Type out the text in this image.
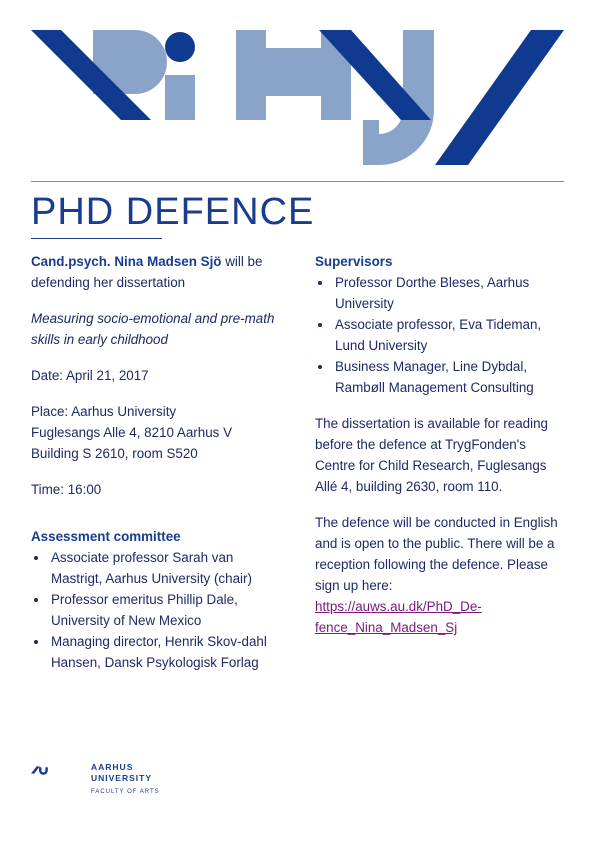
PHD DEFENCE

Cand.psych. Nina Madsen Sjö will be defending her dissertation

Measuring socio-emotional and pre-math skills in early childhood

Date: April 21, 2017

Place: Aarhus University

Fuglesangs Alle 4, 8210 Aarhus V

Building S 2610, room S520

Time: 16:00

Assessment committee
Associate professor Sarah van Mastrigt, Aarhus University (chair)
Professor emeritus Phillip Dale, University of New Mexico
Managing director, Henrik Skov-dahl Hansen, Dansk Psykologisk Forlag
Supervisors
Professor Dorthe Bleses, Aarhus University
Associate professor, Eva Tideman, Lund University
Business Manager, Line Dybdal, Rambøll Management Consulting

The dissertation is available for reading before the defence at TrygFonden's Centre for Child Research, Fuglesangs Allé 4, building 2630, room 110.

The defence will be conducted in English and is open to the public. There will be a reception following the defence. Please sign up here:

https://auws.au.dk/PhD_De-fence_Nina_Madsen_Sj
AARHUS
UNIVERSITY
FACULTY OF ARTS
